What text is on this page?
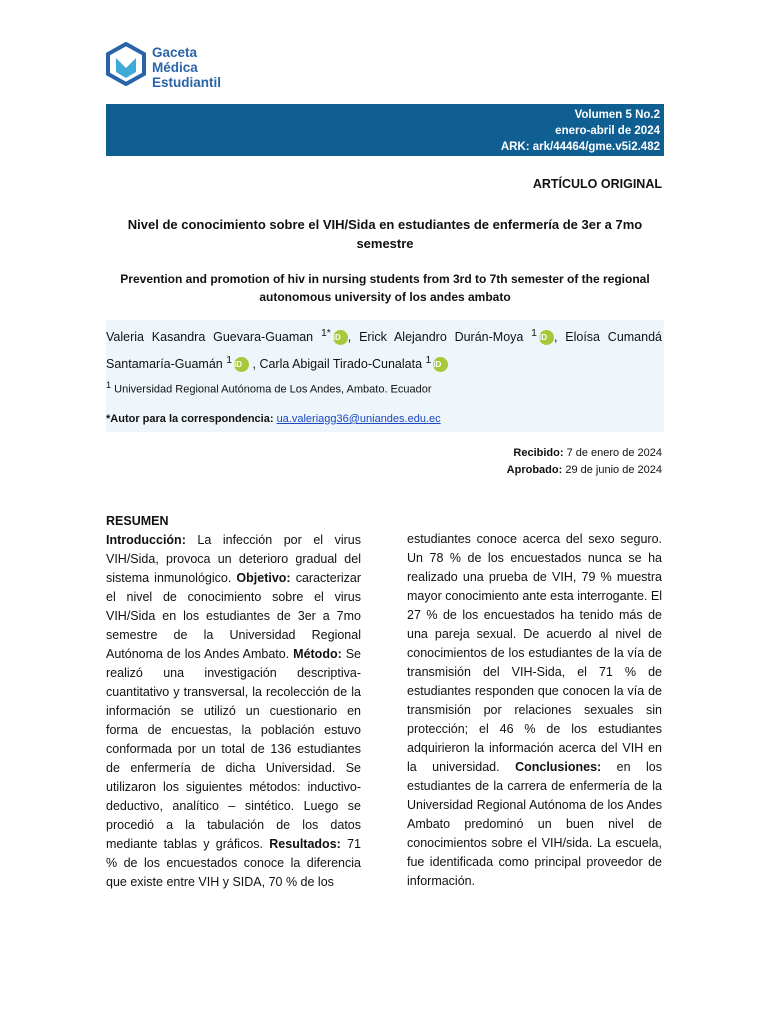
Gaceta
Médica
Estudiantil
Volumen 5 No.2
enero-abril de 2024
ARK: ark/44464/gme.v5i2.482
ARTÍCULO ORIGINAL
Nivel de conocimiento sobre el VIH/Sida en estudiantes de enfermería de 3er a 7mo semestre
Prevention and promotion of hiv in nursing students from 3rd to 7th semester of the regional autonomous university of los andes ambato
Valeria Kasandra Guevara-Guaman $^{1*}$ iD , Erick Alejandro Durán-Moya $^1$ iD , Eloísa Cumandá Santamaría-Guamán $^1$ iD , Carla Abigail Tirado-Cunalata $^1$ iD
$^1$ Universidad Regional Autónoma de Los Andes, Ambato. Ecuador
*Autor para la correspondencia: ua.valeriagg36@uniandes.edu.ec
Recibido: 7 de enero de 2024
Aprobado: 29 de junio de 2024
RESUMEN
Introducción: La infección por el virus VIH/Sida, provoca un deterioro gradual del sistema inmunológico. Objetivo: caracterizar el nivel de conocimiento sobre el virus VIH/Sida en los estudiantes de 3er a 7mo semestre de la Universidad Regional Autónoma de los Andes Ambato. Método: Se realizó una investigación descriptiva-cuantitativo y transversal, la recolección de la información se utilizó un cuestionario en forma de encuestas, la población estuvo conformada por un total de 136 estudiantes de enfermería de dicha Universidad. Se utilizaron los siguientes métodos: inductivo-deductivo, analítico – sintético. Luego se procedió a la tabulación de los datos mediante tablas y gráficos. Resultados: 71 % de los encuestados conoce la diferencia que existe entre VIH y SIDA, 70 % de los
estudiantes conoce acerca del sexo seguro. Un 78 % de los encuestados nunca se ha realizado una prueba de VIH, 79 % muestra mayor conocimiento ante esta interrogante. El 27 % de los encuestados ha tenido más de una pareja sexual. De acuerdo al nivel de conocimientos de los estudiantes de la vía de transmisión del VIH-Sida, el 71 % de estudiantes responden que conocen la vía de transmisión por relaciones sexuales sin protección; el 46 % de los estudiantes adquirieron la información acerca del VIH en la universidad. Conclusiones: en los estudiantes de la carrera de enfermería de la Universidad Regional Autónoma de los Andes Ambato predominó un buen nivel de conocimientos sobre el VIH/sida. La escuela, fue identificada como principal proveedor de información.
